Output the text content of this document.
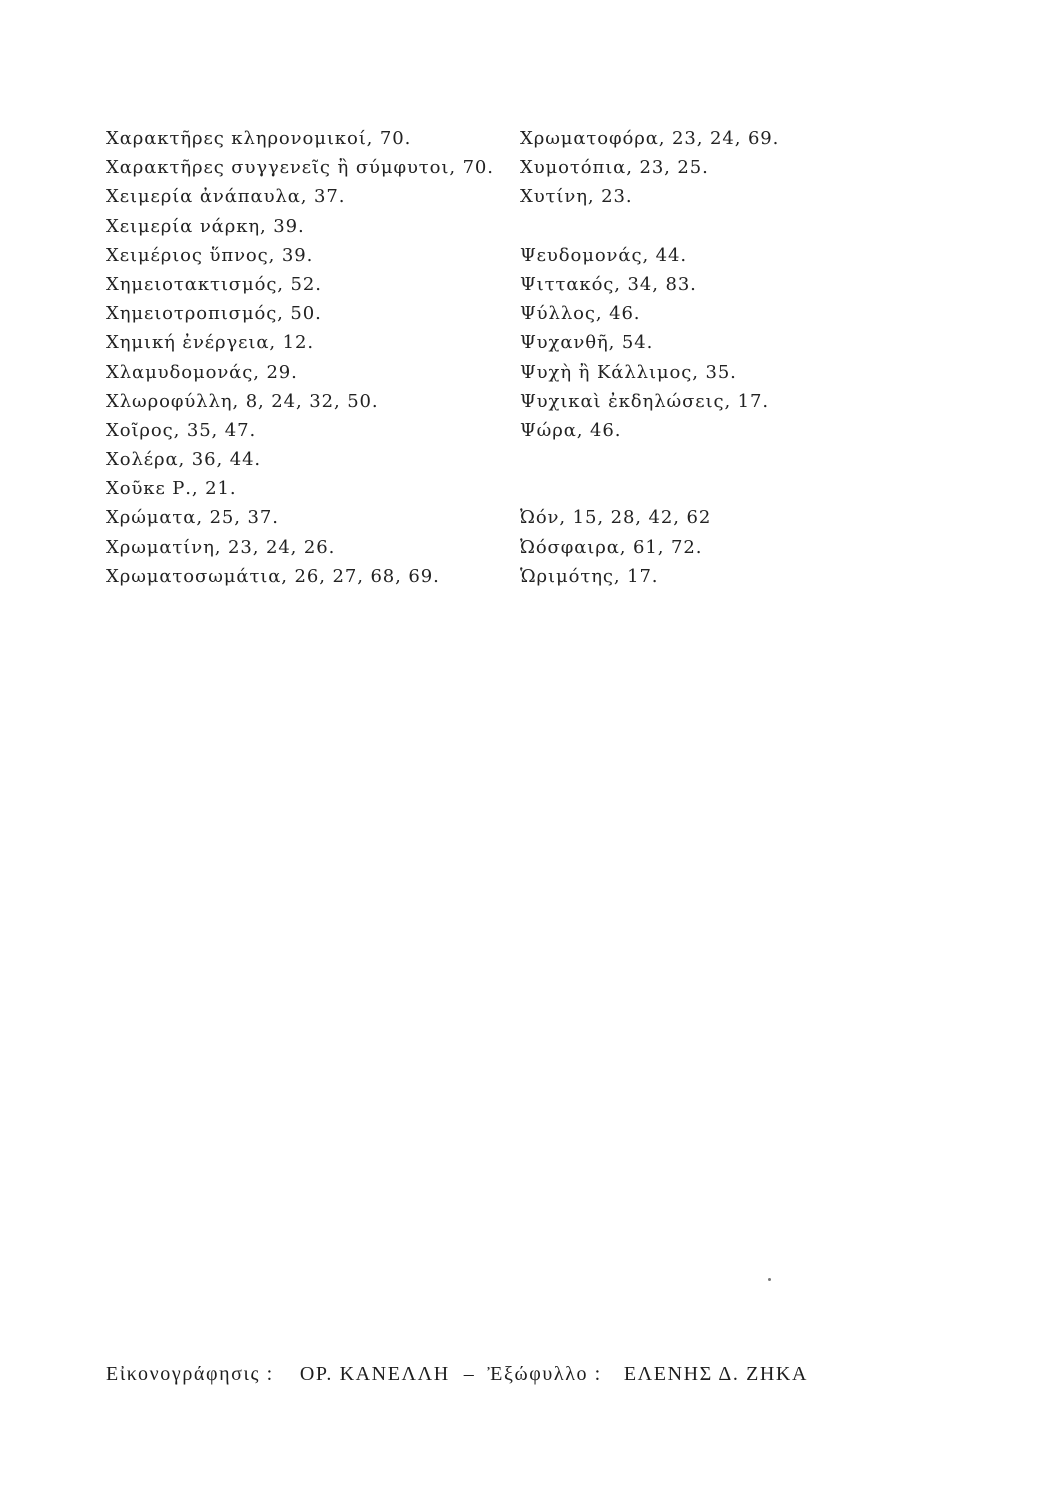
Χαρακτῆρες κληρονομικοί, 70.
Χαρακτῆρες συγγενεῖς ἢ σύμφυτοι, 70.
Χειμερία ἀνάπαυλα, 37.
Χειμερία νάρκη, 39.
Χειμέριος ὕπνος, 39.
Χημειοτακτισμός, 52.
Χημειοτροπισμός, 50.
Χημική ἐνέργεια, 12.
Χλαμυδομονάς, 29.
Χλωροφύλλη, 8, 24, 32, 50.
Χοῖρος, 35, 47.
Χολέρα, 36, 44.
Χοῦκε Ρ., 21.
Χρώματα, 25, 37.
Χρωματίνη, 23, 24, 26.
Χρωματοσωμάτια, 26, 27, 68, 69.
Χρωματοφόρα, 23, 24, 69.
Χυμοτόπια, 23, 25.
Χυτίνη, 23.
Ψευδομονάς, 44.
Ψιττακός, 34, 83.
Ψύλλος, 46.
Ψυχανθῆ, 54.
Ψυχὴ ἢ Κάλλιμος, 35.
Ψυχικαὶ ἐκδηλώσεις, 17.
Ψώρα, 46.
Ὠόν, 15, 28, 42, 62
Ὠόσφαιρα, 61, 72.
Ὡριμότης, 17.
Εἰκονογράφησις : ΟΡ. ΚΑΝΕΛΛΗ – Ἐξώφυλλο : ΕΛΕΝΗΣ Δ. ΖΗΚΑ
